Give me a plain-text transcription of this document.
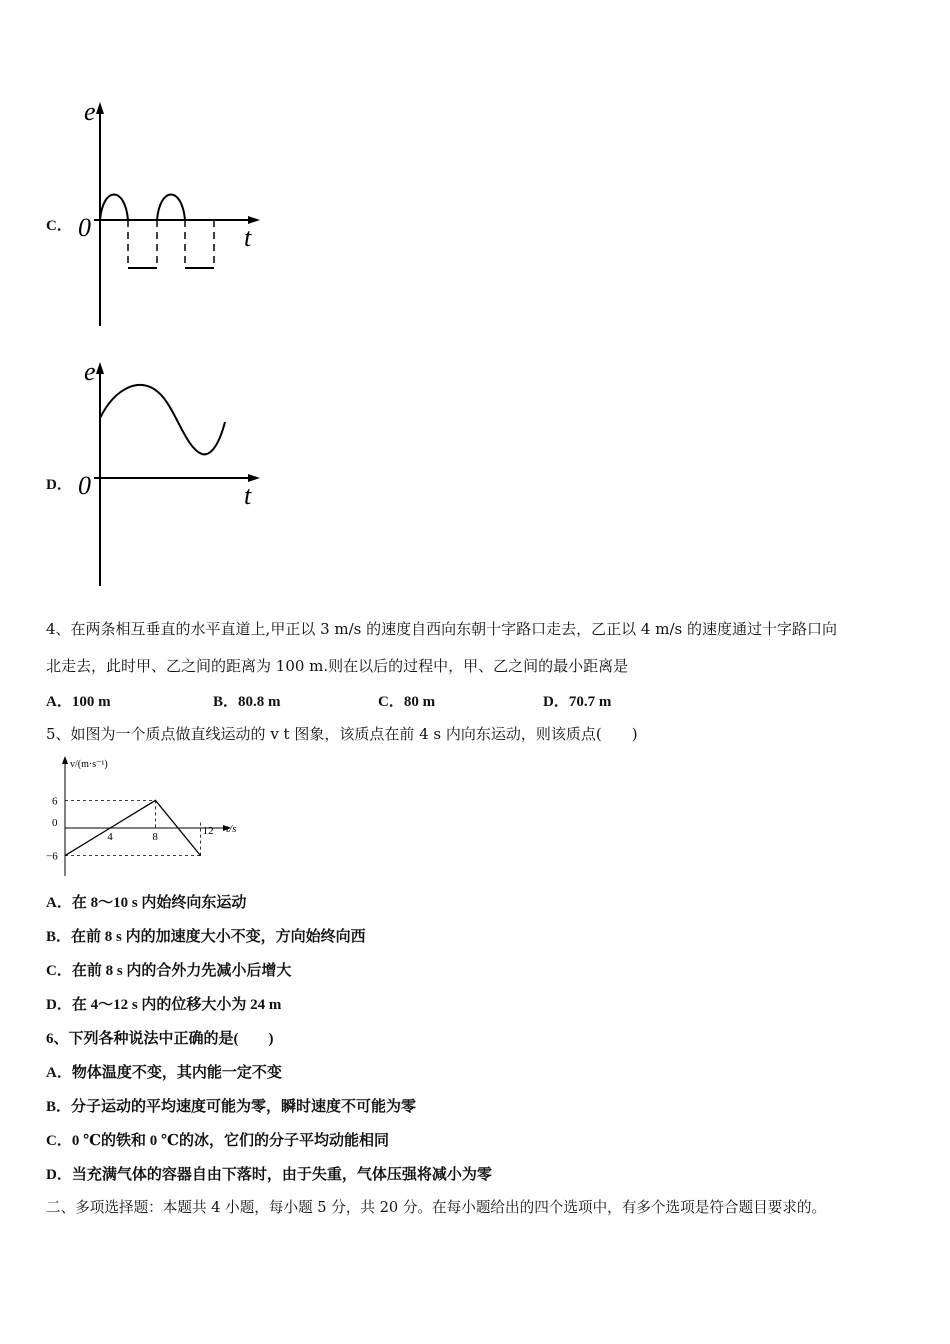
C．
e
t
0
D．
e
t
0
4、在两条相互垂直的水平直道上,甲正以 3 m/s 的速度自西向东朝十字路口走去，乙正以 4 m/s 的速度通过十字路口向
北走去，此时甲、乙之间的距离为 100 m.则在以后的过程中，甲、乙之间的最小距离是
A．100 m	B．80.8 m	C．80 m	D．70.7 m
5、如图为一个质点做直线运动的 v t 图象，该质点在前 4 s 内向东运动，则该质点(　　)
v/(m·s⁻¹)
t/s
6
0
−6
4	8	12
A．在 8～10 s 内始终向东运动
B．在前 8 s 内的加速度大小不变，方向始终向西
C．在前 8 s 内的合外力先减小后增大
D．在 4～12 s 内的位移大小为 24 m
6、下列各种说法中正确的是(　　)
A．物体温度不变，其内能一定不变
B．分子运动的平均速度可能为零，瞬时速度不可能为零
C．0 ℃的铁和 0 ℃的冰，它们的分子平均动能相同
D．当充满气体的容器自由下落时，由于失重，气体压强将减小为零
二、多项选择题：本题共 4 小题，每小题 5 分，共 20 分。在每小题给出的四个选项中，有多个选项是符合题目要求的。
